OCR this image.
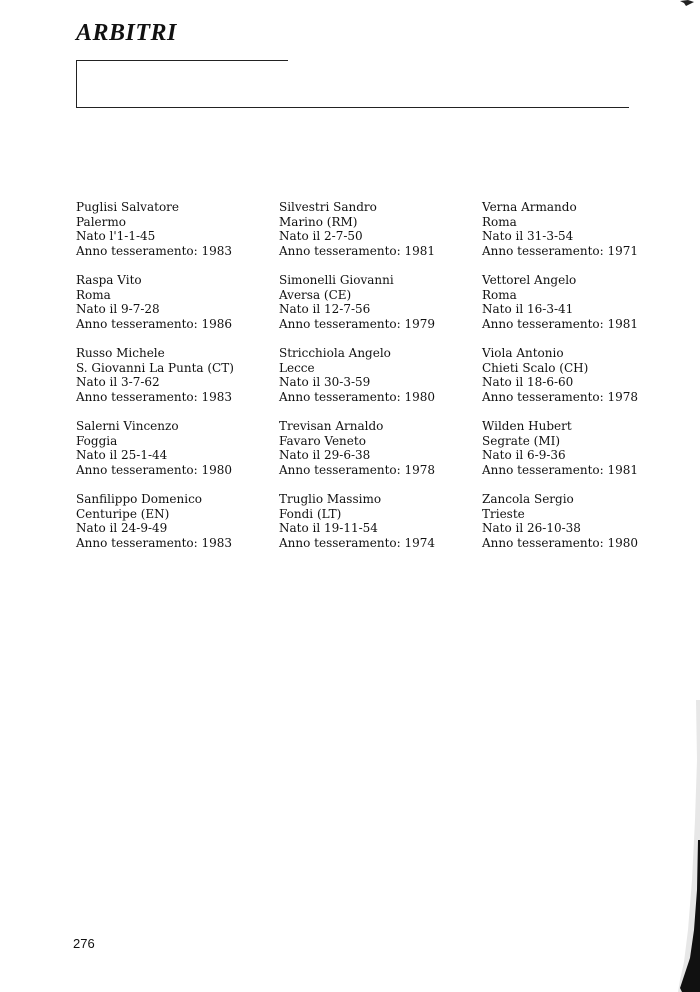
ARBITRI
Puglisi Salvatore
Palermo
Nato l'1-1-45
Anno tesseramento: 1983
Raspa Vito
Roma
Nato il 9-7-28
Anno tesseramento: 1986
Russo Michele
S. Giovanni La Punta (CT)
Nato il 3-7-62
Anno tesseramento: 1983
Salerni Vincenzo
Foggia
Nato il 25-1-44
Anno tesseramento: 1980
Sanfilippo Domenico
Centuripe (EN)
Nato il 24-9-49
Anno tesseramento: 1983
Silvestri Sandro
Marino (RM)
Nato il 2-7-50
Anno tesseramento: 1981
Simonelli Giovanni
Aversa (CE)
Nato il 12-7-56
Anno tesseramento: 1979
Stricchiola Angelo
Lecce
Nato il 30-3-59
Anno tesseramento: 1980
Trevisan Arnaldo
Favaro Veneto
Nato il 29-6-38
Anno tesseramento: 1978
Truglio Massimo
Fondi (LT)
Nato il 19-11-54
Anno tesseramento: 1974
Verna Armando
Roma
Nato il 31-3-54
Anno tesseramento: 1971
Vettorel Angelo
Roma
Nato il 16-3-41
Anno tesseramento: 1981
Viola Antonio
Chieti Scalo (CH)
Nato il 18-6-60
Anno tesseramento: 1978
Wilden Hubert
Segrate (MI)
Nato il 6-9-36
Anno tesseramento: 1981
Zancola Sergio
Trieste
Nato il 26-10-38
Anno tesseramento: 1980
276
